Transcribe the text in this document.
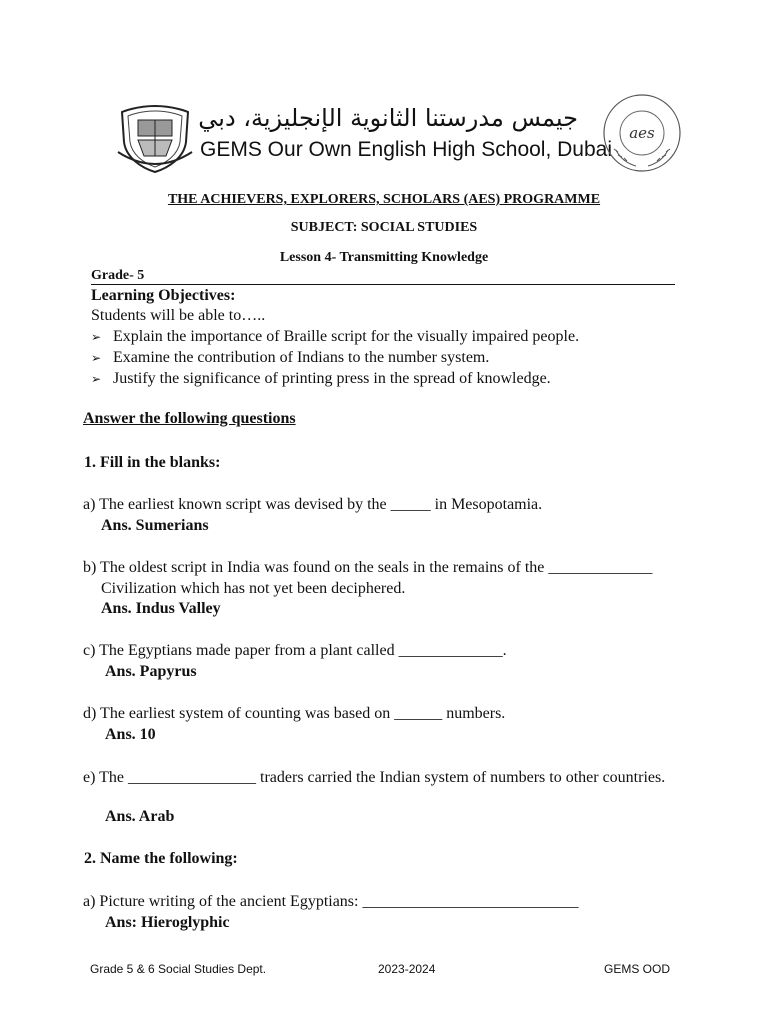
جيمس مدرستنا الثانوية الإنجليزية، دبي
GEMS Our Own English High School, Dubai
aes
THE ACHIEVERS, EXPLORERS, SCHOLARS (AES) PROGRAMME
SUBJECT: SOCIAL STUDIES
Lesson 4- Transmitting Knowledge
Grade- 5
Learning Objectives:
Students will be able to…..
➢ Explain the importance of Braille script for the visually impaired people.
➢ Examine the contribution of Indians to the number system.
➢ Justify the significance of printing press in the spread of knowledge.
Answer the following questions
1. Fill in the blanks:
a) The earliest known script was devised by the _____ in Mesopotamia.
Ans. Sumerians
b) The oldest script in India was found on the seals in the remains of the _____________
Civilization which has not yet been deciphered.
Ans. Indus Valley
c) The Egyptians made paper from a plant called _____________.
Ans. Papyrus
d) The earliest system of counting was based on ______ numbers.
Ans. 10
e) The ________________ traders carried the Indian system of numbers to other countries.
Ans. Arab
2. Name the following:
a) Picture writing of the ancient Egyptians: ___________________________
Ans: Hieroglyphic
Grade 5 & 6 Social Studies Dept.	2023-2024	GEMS OOD
